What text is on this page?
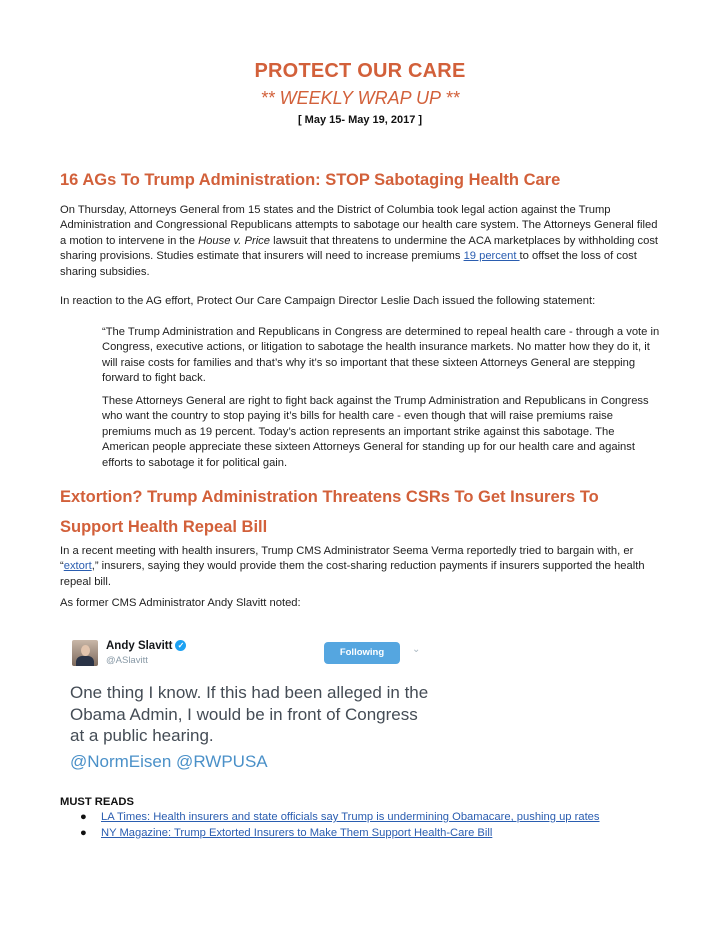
PROTECT OUR CARE
** WEEKLY WRAP UP **
[ May 15- May 19, 2017 ]
16 AGs To Trump Administration: STOP Sabotaging Health Care
On Thursday, Attorneys General from 15 states and the District of Columbia took legal action against the Trump Administration and Congressional Republicans attempts to sabotage our health care system. The Attorneys General filed a motion to intervene in the House v. Price lawsuit that threatens to undermine the ACA marketplaces by withholding cost sharing provisions. Studies estimate that insurers will need to increase premiums 19 percent to offset the loss of cost sharing subsidies.
In reaction to the AG effort, Protect Our Care Campaign Director Leslie Dach issued the following statement:
“The Trump Administration and Republicans in Congress are determined to repeal health care - through a vote in Congress, executive actions, or litigation to sabotage the health insurance markets. No matter how they do it, it will raise costs for families and that’s why it’s so important that these sixteen Attorneys General are stepping forward to fight back.
These Attorneys General are right to fight back against the Trump Administration and Republicans in Congress who want the country to stop paying it’s bills for health care - even though that will raise premiums raise premiums much as 19 percent. Today’s action represents an important strike against this sabotage. The American people appreciate these sixteen Attorneys General for standing up for our health care and against efforts to sabotage it for political gain.
Extortion? Trump Administration Threatens CSRs To Get Insurers To
Support Health Repeal Bill
In a recent meeting with health insurers, Trump CMS Administrator Seema Verma reportedly tried to bargain with, er “extort,” insurers, saying they would provide them the cost-sharing reduction payments if insurers supported the health repeal bill.
As former CMS Administrator Andy Slavitt noted:
Andy Slavitt ✓
@ASlavitt
Following	⌄
One thing I know. If this had been alleged in the Obama Admin, I would be in front of Congress at a public hearing.
@NormEisen @RWPUSA
MUST READS
● LA Times: Health insurers and state officials say Trump is undermining Obamacare, pushing up rates
● NY Magazine: Trump Extorted Insurers to Make Them Support Health-Care Bill
